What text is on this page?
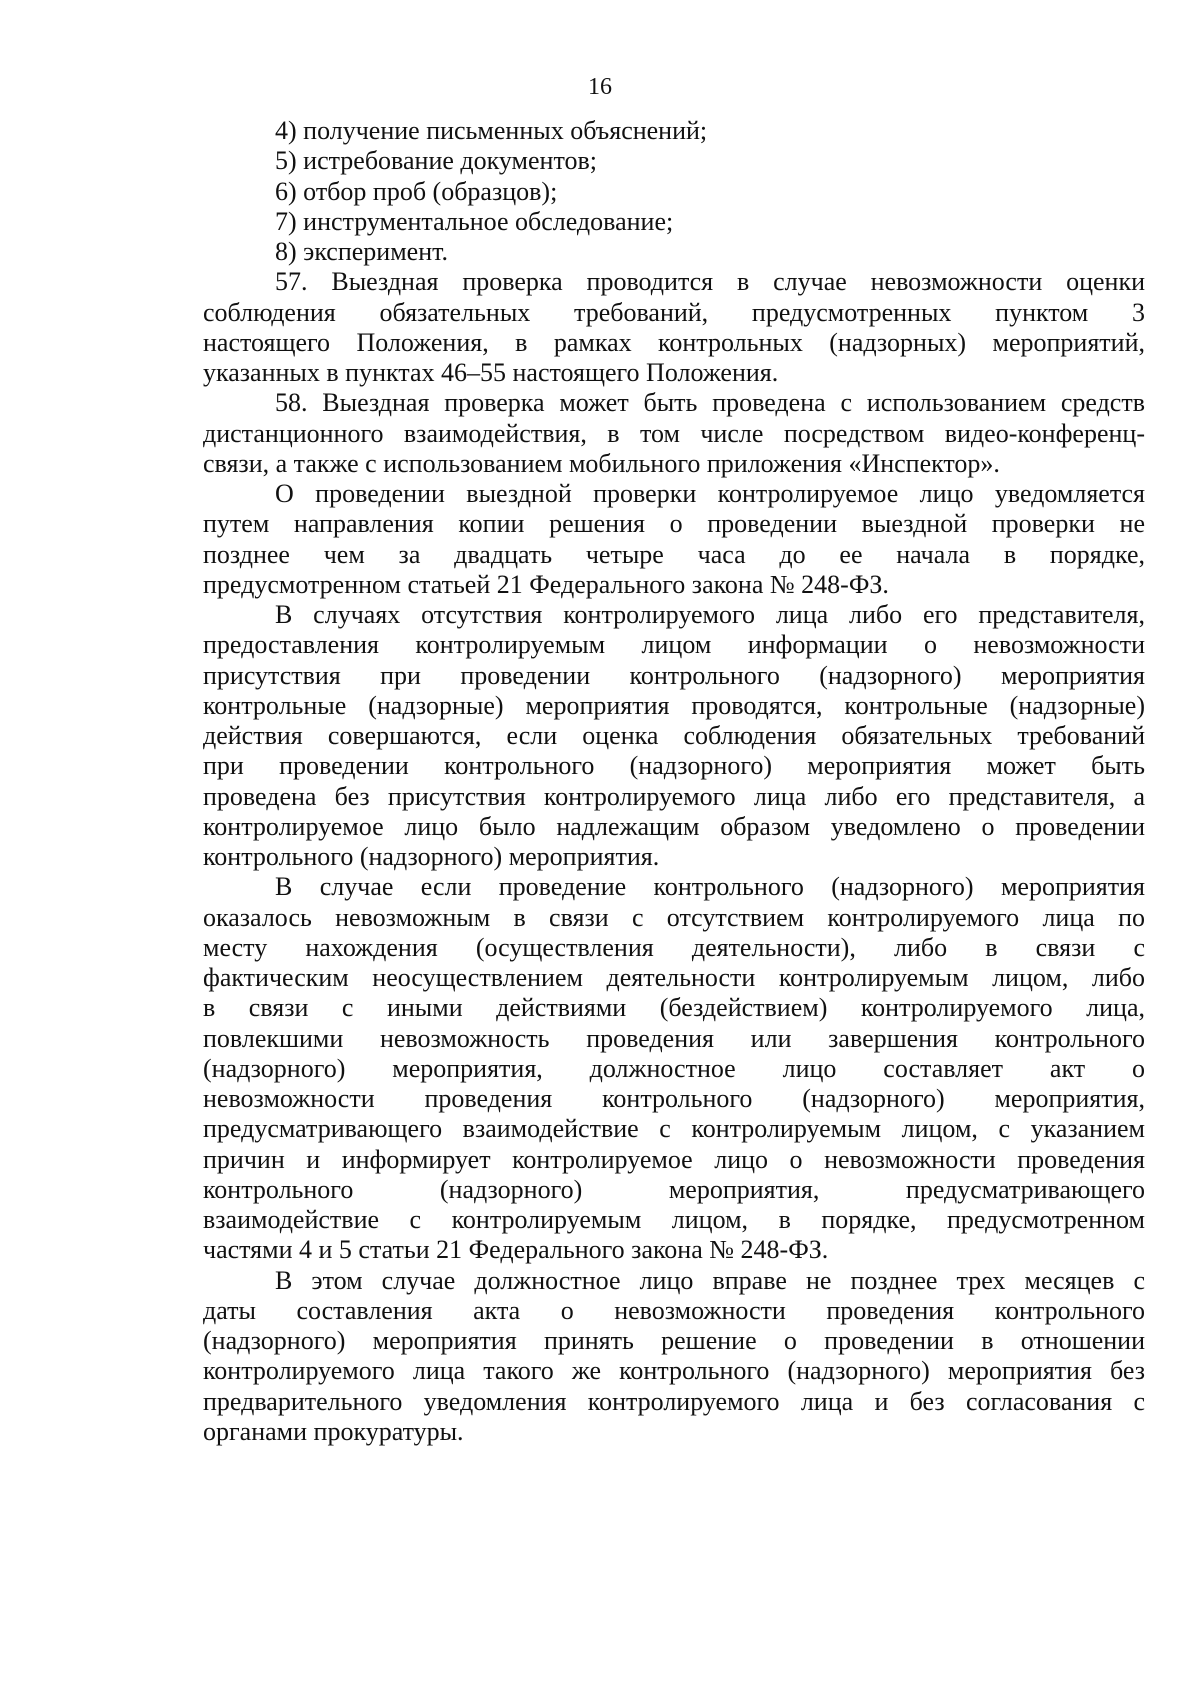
16
4) получение письменных объяснений;
5) истребование документов;
6) отбор проб (образцов);
7) инструментальное обследование;
8) эксперимент.
57. Выездная проверка проводится в случае невозможности оценки
соблюдения обязательных требований, предусмотренных пунктом 3
настоящего Положения, в рамках контрольных (надзорных) мероприятий,
указанных в пунктах 46–55 настоящего Положения.
58. Выездная проверка может быть проведена с использованием средств
дистанционного взаимодействия, в том числе посредством видео-конференц-
связи, а также с использованием мобильного приложения «Инспектор».
О проведении выездной проверки контролируемое лицо уведомляется
путем направления копии решения о проведении выездной проверки не
позднее чем за двадцать четыре часа до ее начала в порядке,
предусмотренном статьей 21 Федерального закона № 248-ФЗ.
В случаях отсутствия контролируемого лица либо его представителя,
предоставления контролируемым лицом информации о невозможности
присутствия при проведении контрольного (надзорного) мероприятия
контрольные (надзорные) мероприятия проводятся, контрольные (надзорные)
действия совершаются, если оценка соблюдения обязательных требований
при проведении контрольного (надзорного) мероприятия может быть
проведена без присутствия контролируемого лица либо его представителя, а
контролируемое лицо было надлежащим образом уведомлено о проведении
контрольного (надзорного) мероприятия.
В случае если проведение контрольного (надзорного) мероприятия
оказалось невозможным в связи с отсутствием контролируемого лица по
месту нахождения (осуществления деятельности), либо в связи с
фактическим неосуществлением деятельности контролируемым лицом, либо
в связи с иными действиями (бездействием) контролируемого лица,
повлекшими невозможность проведения или завершения контрольного
(надзорного) мероприятия, должностное лицо составляет акт о
невозможности проведения контрольного (надзорного) мероприятия,
предусматривающего взаимодействие с контролируемым лицом, с указанием
причин и информирует контролируемое лицо о невозможности проведения
контрольного (надзорного) мероприятия, предусматривающего
взаимодействие с контролируемым лицом, в порядке, предусмотренном
частями 4 и 5 статьи 21 Федерального закона № 248-ФЗ.
В этом случае должностное лицо вправе не позднее трех месяцев с
даты составления акта о невозможности проведения контрольного
(надзорного) мероприятия принять решение о проведении в отношении
контролируемого лица такого же контрольного (надзорного) мероприятия без
предварительного уведомления контролируемого лица и без согласования с
органами прокуратуры.
